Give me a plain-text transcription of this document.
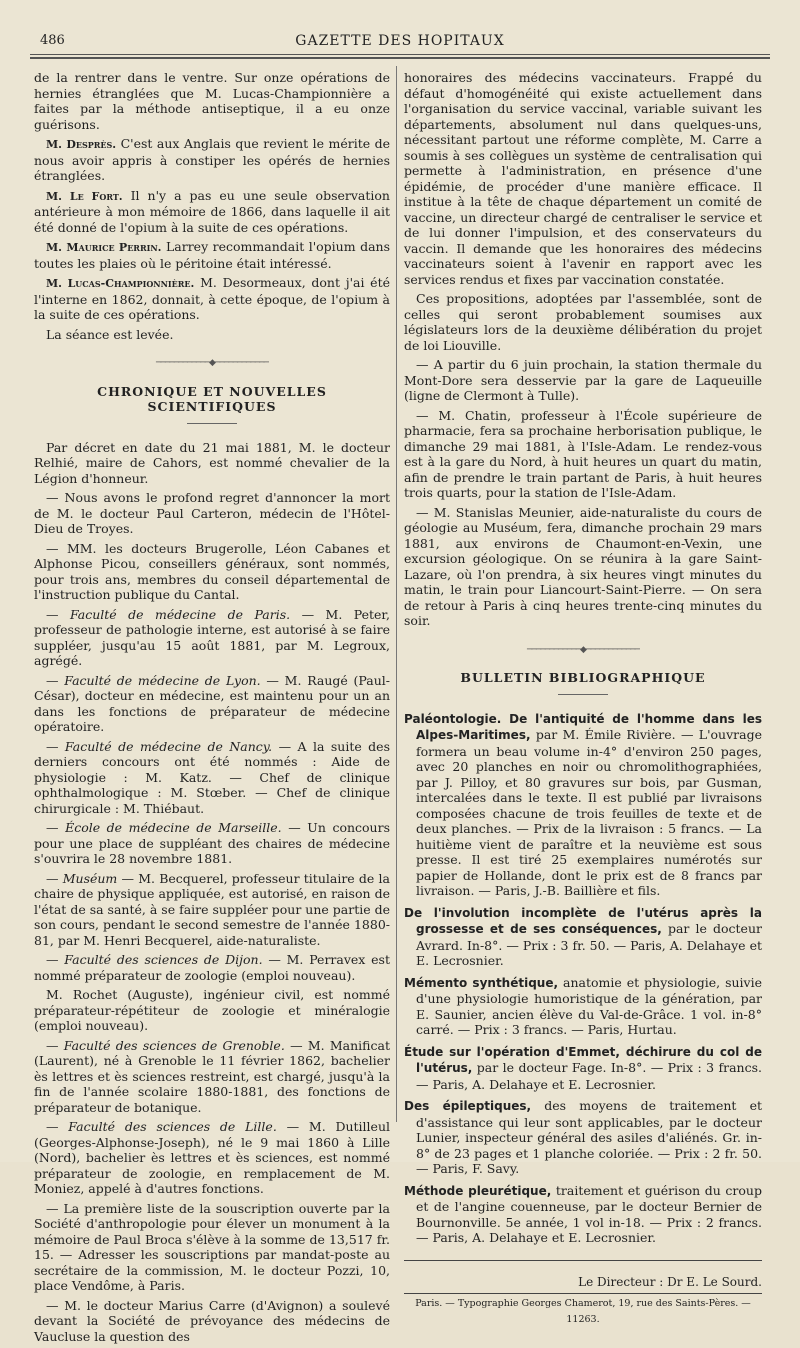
486	GAZETTE DES HOPITAUX

de la rentrer dans le ventre. Sur onze opérations de hernies étranglées que M. Lucas-Championnière a faites par la méthode antiseptique, il a eu onze guérisons.

M. Desprès. C'est aux Anglais que revient le mérite de nous avoir appris à constiper les opérés de hernies étranglées.

M. Le Fort. Il n'y a pas eu une seule observation antérieure à mon mémoire de 1866, dans laquelle il ait été donné de l'opium à la suite de ces opérations.

M. Maurice Perrin. Larrey recommandait l'opium dans toutes les plaies où le péritoine était intéressé.

M. Lucas-Championnière. M. Desormeaux, dont j'ai été l'interne en 1862, donnait, à cette époque, de l'opium à la suite de ces opérations.

La séance est levée.

────────────◆────────────
CHRONIQUE ET NOUVELLES SCIENTIFIQUES

Par décret en date du 21 mai 1881, M. le docteur Relhié, maire de Cahors, est nommé chevalier de la Légion d'honneur.

— Nous avons le profond regret d'annoncer la mort de M. le docteur Paul Carteron, médecin de l'Hôtel-Dieu de Troyes.

— MM. les docteurs Brugerolle, Léon Cabanes et Alphonse Picou, conseillers généraux, sont nommés, pour trois ans, membres du conseil départemental de l'instruction publique du Cantal.

— Faculté de médecine de Paris. — M. Peter, professeur de pathologie interne, est autorisé à se faire suppléer, jusqu'au 15 août 1881, par M. Legroux, agrégé.

— Faculté de médecine de Lyon. — M. Raugé (Paul-César), docteur en médecine, est maintenu pour un an dans les fonctions de préparateur de médecine opératoire.

— Faculté de médecine de Nancy. — A la suite des derniers concours ont été nommés : Aide de physiologie : M. Katz. — Chef de clinique ophthalmologique : M. Stœber. — Chef de clinique chirurgicale : M. Thiébaut.

— École de médecine de Marseille. — Un concours pour une place de suppléant des chaires de médecine s'ouvrira le 28 novembre 1881.

— Muséum — M. Becquerel, professeur titulaire de la chaire de physique appliquée, est autorisé, en raison de l'état de sa santé, à se faire suppléer pour une partie de son cours, pendant le second semestre de l'année 1880-81, par M. Henri Becquerel, aide-naturaliste.

— Faculté des sciences de Dijon. — M. Perravex est nommé préparateur de zoologie (emploi nouveau).

M. Rochet (Auguste), ingénieur civil, est nommé préparateur-répétiteur de zoologie et minéralogie (emploi nouveau).

— Faculté des sciences de Grenoble. — M. Manificat (Laurent), né à Grenoble le 11 février 1862, bachelier ès lettres et ès sciences restreint, est chargé, jusqu'à la fin de l'année scolaire 1880-1881, des fonctions de préparateur de botanique.

— Faculté des sciences de Lille. — M. Dutilleul (Georges-Alphonse-Joseph), né le 9 mai 1860 à Lille (Nord), bachelier ès lettres et ès sciences, est nommé préparateur de zoologie, en remplacement de M. Moniez, appelé à d'autres fonctions.

— La première liste de la souscription ouverte par la Société d'anthropologie pour élever un monument à la mémoire de Paul Broca s'élève à la somme de 13,517 fr. 15. — Adresser les souscriptions par mandat-poste au secrétaire de la commission, M. le docteur Pozzi, 10, place Vendôme, à Paris.

— M. le docteur Marius Carre (d'Avignon) a soulevé devant la Société de prévoyance des médecins de Vaucluse la question des

honoraires des médecins vaccinateurs. Frappé du défaut d'homogénéité qui existe actuellement dans l'organisation du service vaccinal, variable suivant les départements, absolument nul dans quelques-uns, nécessitant partout une réforme complète, M. Carre a soumis à ses collègues un système de centralisation qui permette à l'administration, en présence d'une épidémie, de procéder d'une manière efficace. Il institue à la tête de chaque département un comité de vaccine, un directeur chargé de centraliser le service et de lui donner l'impulsion, et des conservateurs du vaccin. Il demande que les honoraires des médecins vaccinateurs soient à l'avenir en rapport avec les services rendus et fixes par vaccination constatée.

Ces propositions, adoptées par l'assemblée, sont de celles qui seront probablement soumises aux législateurs lors de la deuxième délibération du projet de loi Liouville.

— A partir du 6 juin prochain, la station thermale du Mont-Dore sera desservie par la gare de Laqueuille (ligne de Clermont à Tulle).

— M. Chatin, professeur à l'École supérieure de pharmacie, fera sa prochaine herborisation publique, le dimanche 29 mai 1881, à l'Isle-Adam. Le rendez-vous est à la gare du Nord, à huit heures un quart du matin, afin de prendre le train partant de Paris, à huit heures trois quarts, pour la station de l'Isle-Adam.

— M. Stanislas Meunier, aide-naturaliste du cours de géologie au Muséum, fera, dimanche prochain 29 mars 1881, aux environs de Chaumont-en-Vexin, une excursion géologique. On se réunira à la gare Saint-Lazare, où l'on prendra, à six heures vingt minutes du matin, le train pour Liancourt-Saint-Pierre. — On sera de retour à Paris à cinq heures trente-cinq minutes du soir.

────────────◆────────────
BULLETIN BIBLIOGRAPHIQUE

Paléontologie. De l'antiquité de l'homme dans les Alpes-Maritimes, par M. Émile Rivière. — L'ouvrage formera un beau volume in-4° d'environ 250 pages, avec 20 planches en noir ou chromolithographiées, par J. Pilloy, et 80 gravures sur bois, par Gusman, intercalées dans le texte. Il est publié par livraisons composées chacune de trois feuilles de texte et de deux planches. — Prix de la livraison : 5 francs. — La huitième vient de paraître et la neuvième est sous presse. Il est tiré 25 exemplaires numérotés sur papier de Hollande, dont le prix est de 8 francs par livraison. — Paris, J.-B. Baillière et fils.

De l'involution incomplète de l'utérus après la grossesse et de ses conséquences, par le docteur Avrard. In-8°. — Prix : 3 fr. 50. — Paris, A. Delahaye et E. Lecrosnier.

Mémento synthétique, anatomie et physiologie, suivie d'une physiologie humoristique de la génération, par E. Saunier, ancien élève du Val-de-Grâce. 1 vol. in-8° carré. — Prix : 3 francs. — Paris, Hurtau.

Étude sur l'opération d'Emmet, déchirure du col de l'utérus, par le docteur Fage. In-8°. — Prix : 3 francs. — Paris, A. Delahaye et E. Lecrosnier.

Des épileptiques, des moyens de traitement et d'assistance qui leur sont applicables, par le docteur Lunier, inspecteur général des asiles d'aliénés. Gr. in-8° de 23 pages et 1 planche coloriée. — Prix : 2 fr. 50. — Paris, F. Savy.

Méthode pleurétique, traitement et guérison du croup et de l'angine couenneuse, par le docteur Bernier de Bournonville. 5e année, 1 vol in-18. — Prix : 2 francs. — Paris, A. Delahaye et E. Lecrosnier.

Le Directeur : Dr E. Le Sourd.
Paris. — Typographie Georges Chamerot, 19, rue des Saints-Pères. — 11263.
